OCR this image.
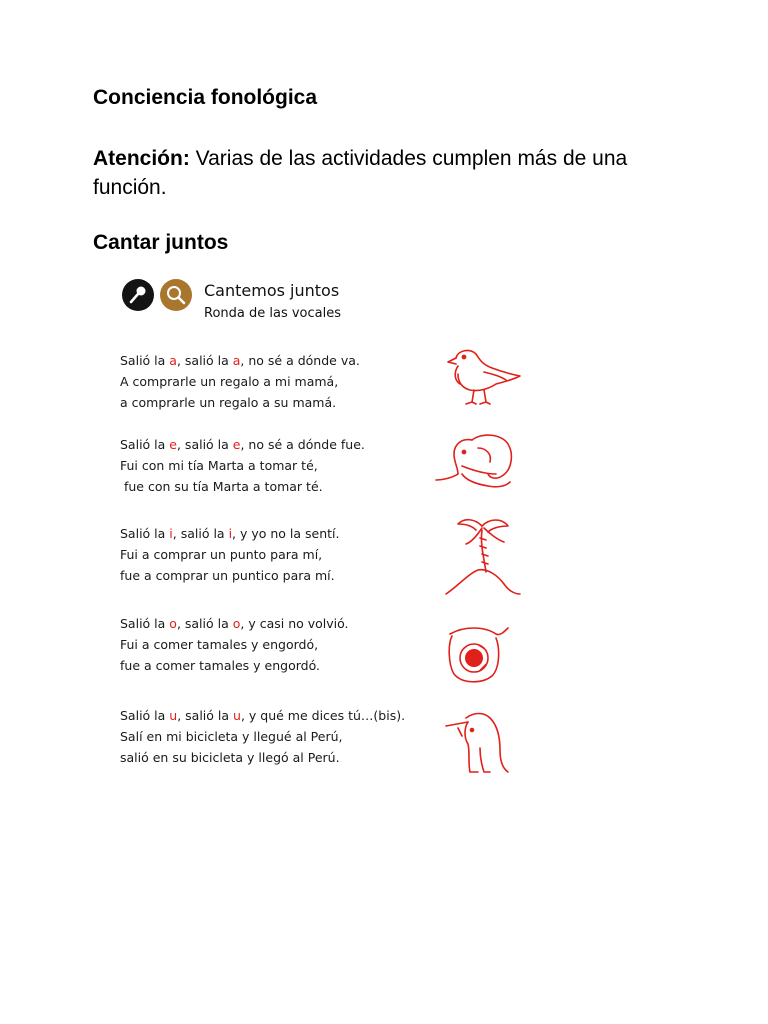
Conciencia fonológica

Atención: Varias de las actividades cumplen más de una función.

Cantar juntos
Cantemos juntos
Ronda de las vocales
Salió la a, salió la a, no sé a dónde va.
A comprarle un regalo a mi mamá,
a comprarle un regalo a su mamá.
Salió la e, salió la e, no sé a dónde fue.
Fui con mi tía Marta a tomar té,
fue con su tía Marta a tomar té.
Salió la i, salió la i, y yo no la sentí.
Fui a comprar un punto para mí,
fue a comprar un puntico para mí.
Salió la o, salió la o, y casi no volvió.
Fui a comer tamales y engordó,
fue a comer tamales y engordó.
Salió la u, salió la u, y qué me dices tú…(bis).
Salí en mi bicicleta y llegué al Perú,
salió en su bicicleta y llegó al Perú.
